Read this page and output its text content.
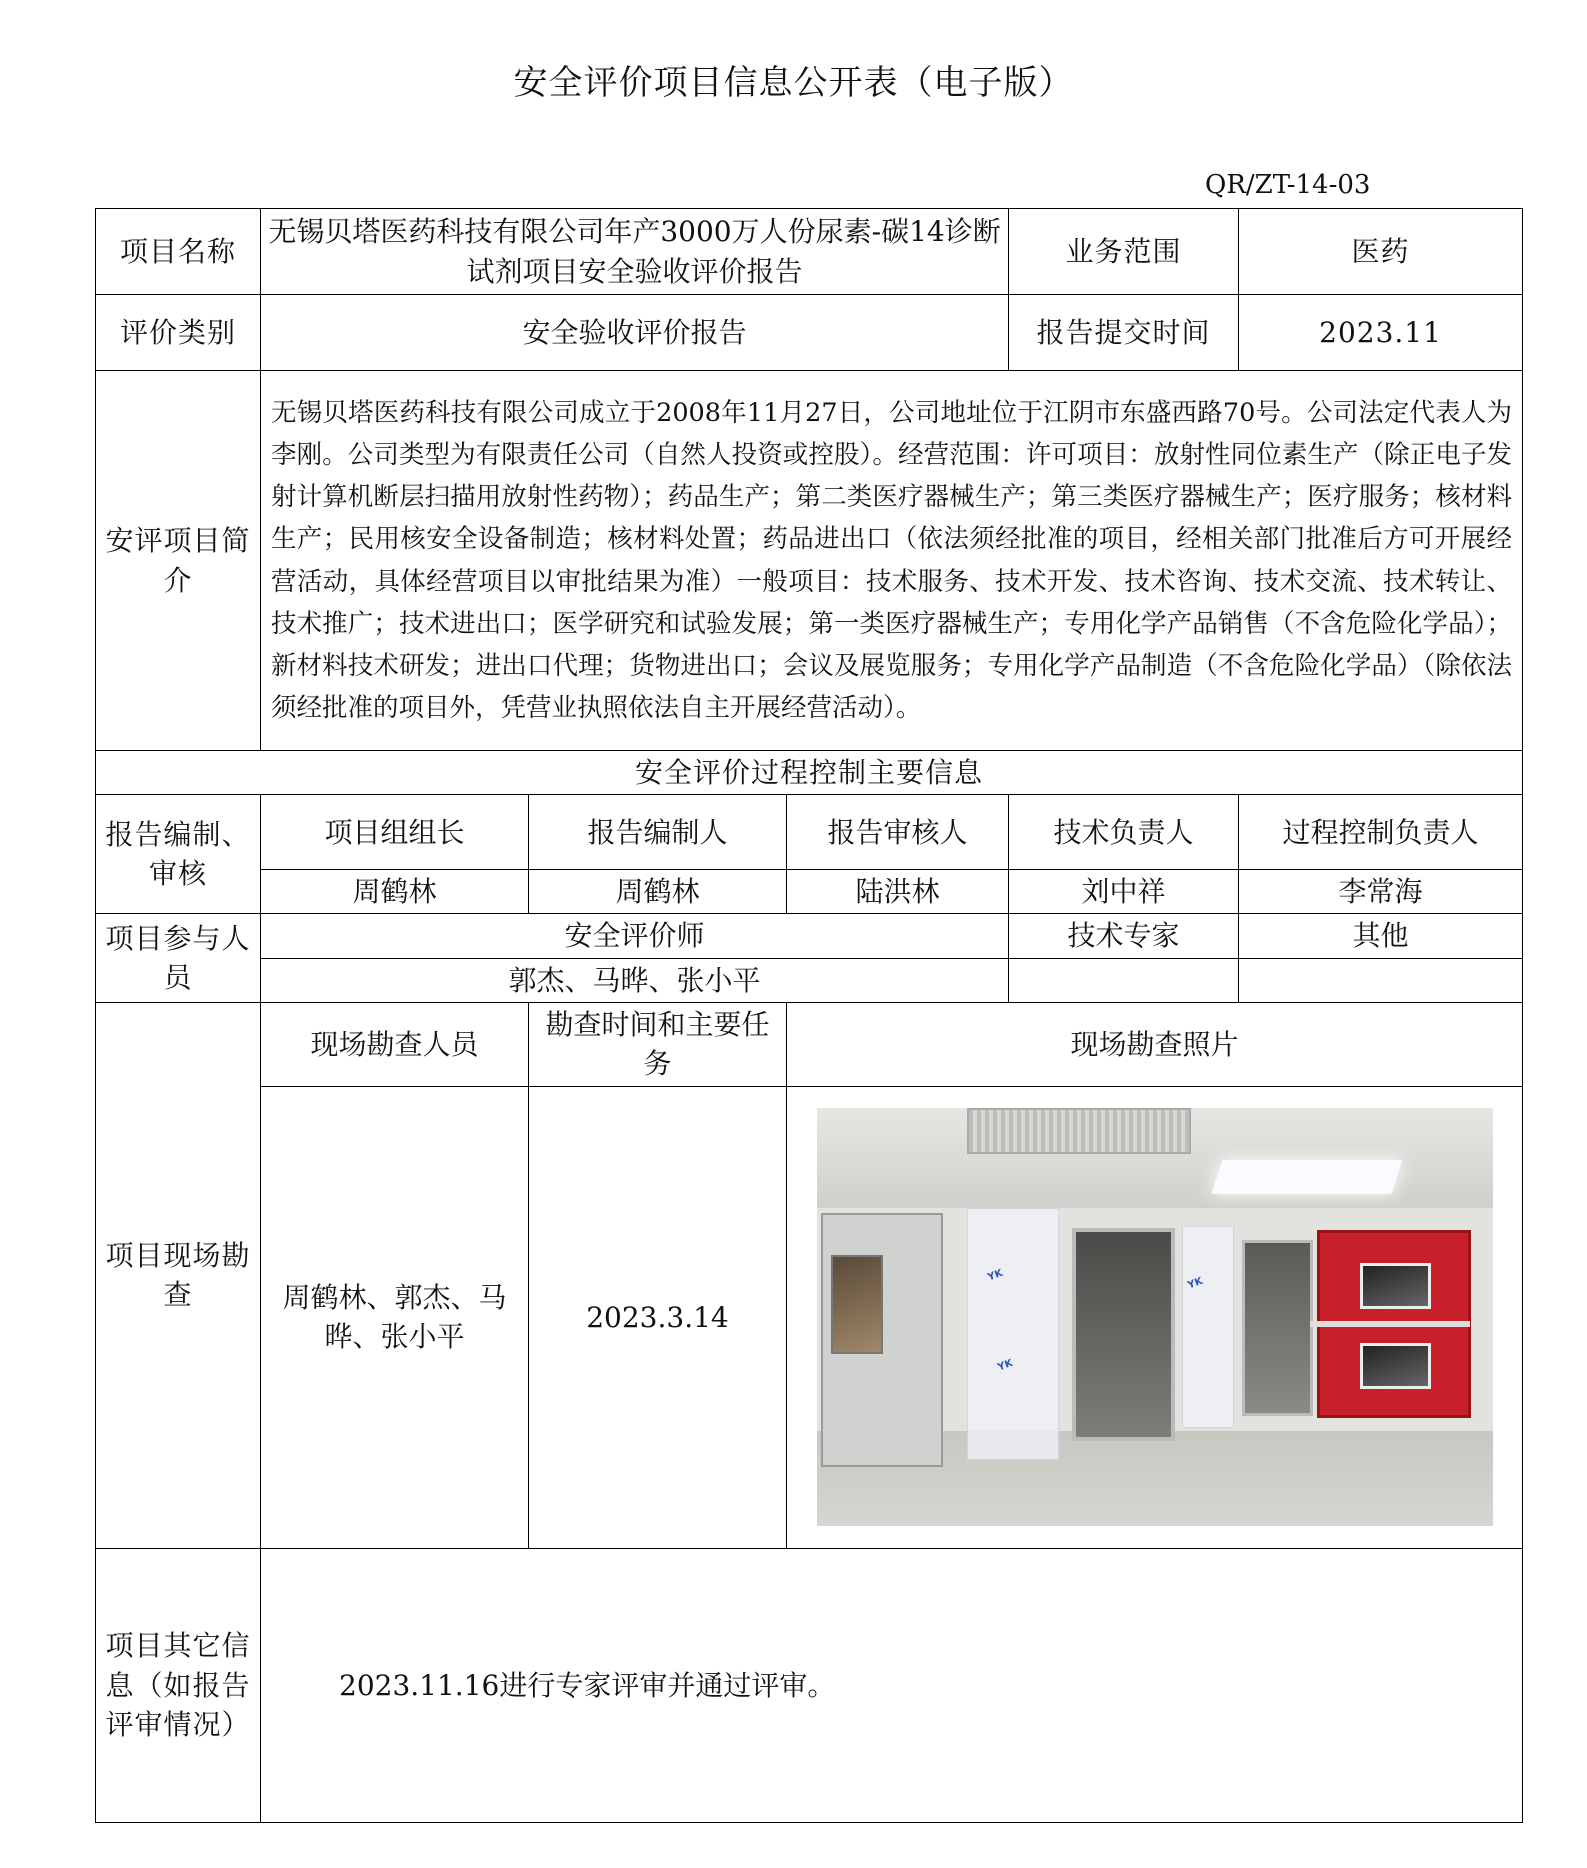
安全评价项目信息公开表（电子版）
QR/ZT-14-03
项目名称	无锡贝塔医药科技有限公司年产3000万人份尿素-碳14诊断试剂项目安全验收评价报告			业务范围	医药
评价类别	安全验收评价报告			报告提交时间	2023.11
安评项目简介	无锡贝塔医药科技有限公司成立于2008年11月27日，公司地址位于江阴市东盛西路70号。公司法定代表人为李刚。公司类型为有限责任公司（自然人投资或控股）。经营范围：许可项目：放射性同位素生产（除正电子发射计算机断层扫描用放射性药物）；药品生产；第二类医疗器械生产；第三类医疗器械生产；医疗服务；核材料生产；民用核安全设备制造；核材料处置；药品进出口（依法须经批准的项目，经相关部门批准后方可开展经营活动，具体经营项目以审批结果为准）一般项目：技术服务、技术开发、技术咨询、技术交流、技术转让、技术推广；技术进出口；医学研究和试验发展；第一类医疗器械生产；专用化学产品销售（不含危险化学品）；新材料技术研发；进出口代理；货物进出口；会议及展览服务；专用化学产品制造（不含危险化学品）（除依法须经批准的项目外，凭营业执照依法自主开展经营活动）。				
安全评价过程控制主要信息					
报告编制、审核	项目组组长	报告编制人	报告审核人	技术负责人	过程控制负责人
	周鹤林	周鹤林	陆洪林	刘中祥	李常海
项目参与人员	安全评价师			技术专家	其他
	郭杰、马晔、张小平				
项目现场勘查	现场勘查人员	勘查时间和主要任务	现场勘查照片		
	周鹤林、郭杰、马晔、张小平	2023.3.14	YK
YK
YK		

项目其它信息（如报告评审情况）	2023.11.16进行专家评审并通过评审。				
